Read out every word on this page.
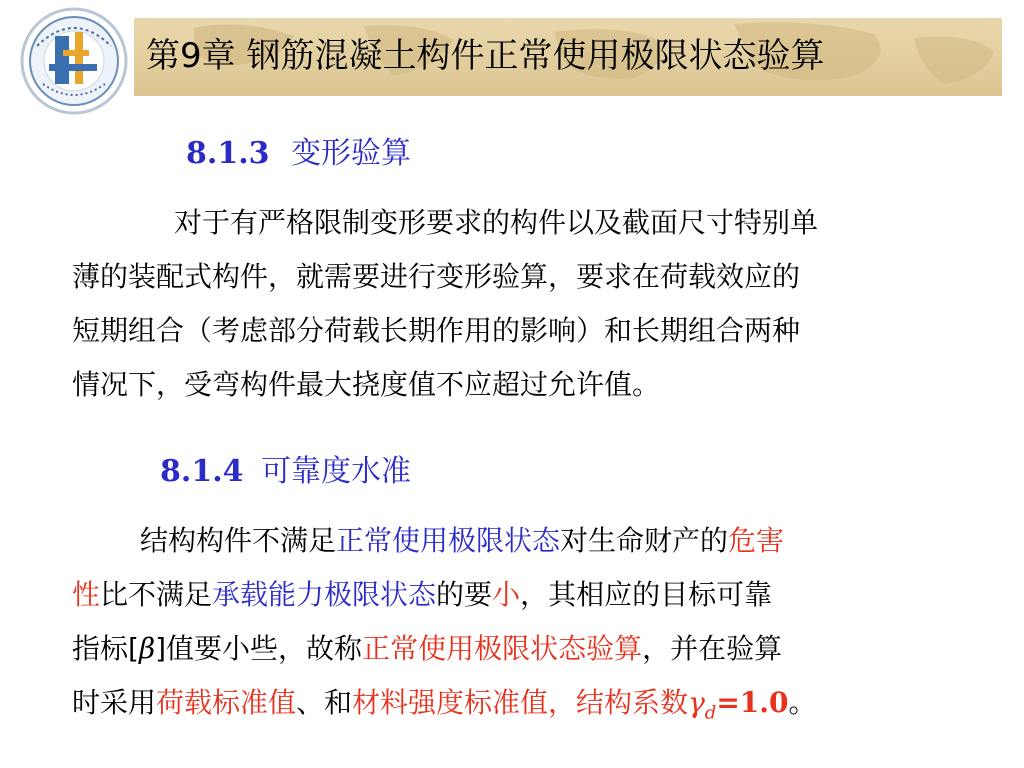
第9章 钢筋混凝土构件正常使用极限状态验算
8.1.3 变形验算
对于有严格限制变形要求的构件以及截面尺寸特别单
薄的装配式构件，就需要进行变形验算，要求在荷载效应的
短期组合（考虑部分荷载长期作用的影响）和长期组合两种
情况下，受弯构件最大挠度值不应超过允许值。
8.1.4 可靠度水准
结构构件不满足正常使用极限状态对生命财产的危害
性比不满足承载能力极限状态的要小，其相应的目标可靠
指标[β]值要小些，故称正常使用极限状态验算，并在验算
时采用荷载标准值、和材料强度标准值，结构系数$\gamma_d=1.0$。
